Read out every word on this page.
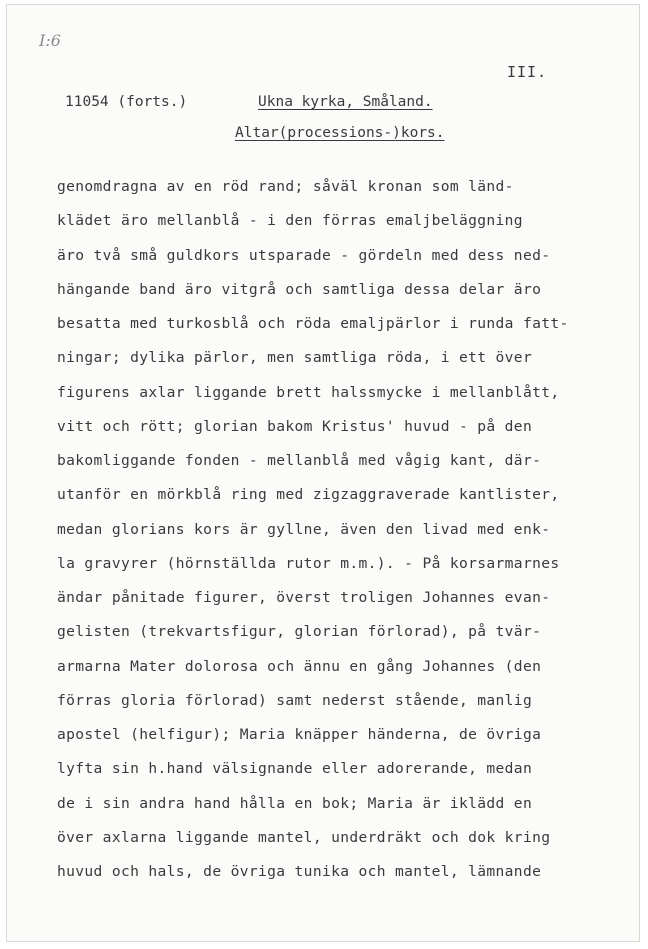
I:6
III.
11054 (forts.)	Ukna kyrka, Småland.
Altar(processions-)kors.
genomdragna av en röd rand; såväl kronan som länd-
klädet äro mellanblå - i den förras emaljbeläggning
äro två små guldkors utsparade - gördeln med dess ned-
hängande band äro vitgrå och samtliga dessa delar äro
besatta med turkosblå och röda emaljpärlor i runda fatt-
ningar; dylika pärlor, men samtliga röda, i ett över
figurens axlar liggande brett halssmycke i mellanblått,
vitt och rött; glorian bakom Kristus' huvud - på den
bakomliggande fonden - mellanblå med vågig kant, där-
utanför en mörkblå ring med zigzaggraverade kantlister,
medan glorians kors är gyllne, även den livad med enk-
la gravyrer (hörnställda rutor m.m.). - På korsarmarnes
ändar pånitade figurer, överst troligen Johannes evan-
gelisten (trekvartsfigur, glorian förlorad), på tvär-
armarna Mater dolorosa och ännu en gång Johannes (den
förras gloria förlorad) samt nederst stående, manlig
apostel (helfigur); Maria knäpper händerna, de övriga
lyfta sin h.hand välsignande eller adorerande, medan
de i sin andra hand hålla en bok; Maria är iklädd en
över axlarna liggande mantel, underdräkt och dok kring
huvud och hals, de övriga tunika och mantel, lämnande
